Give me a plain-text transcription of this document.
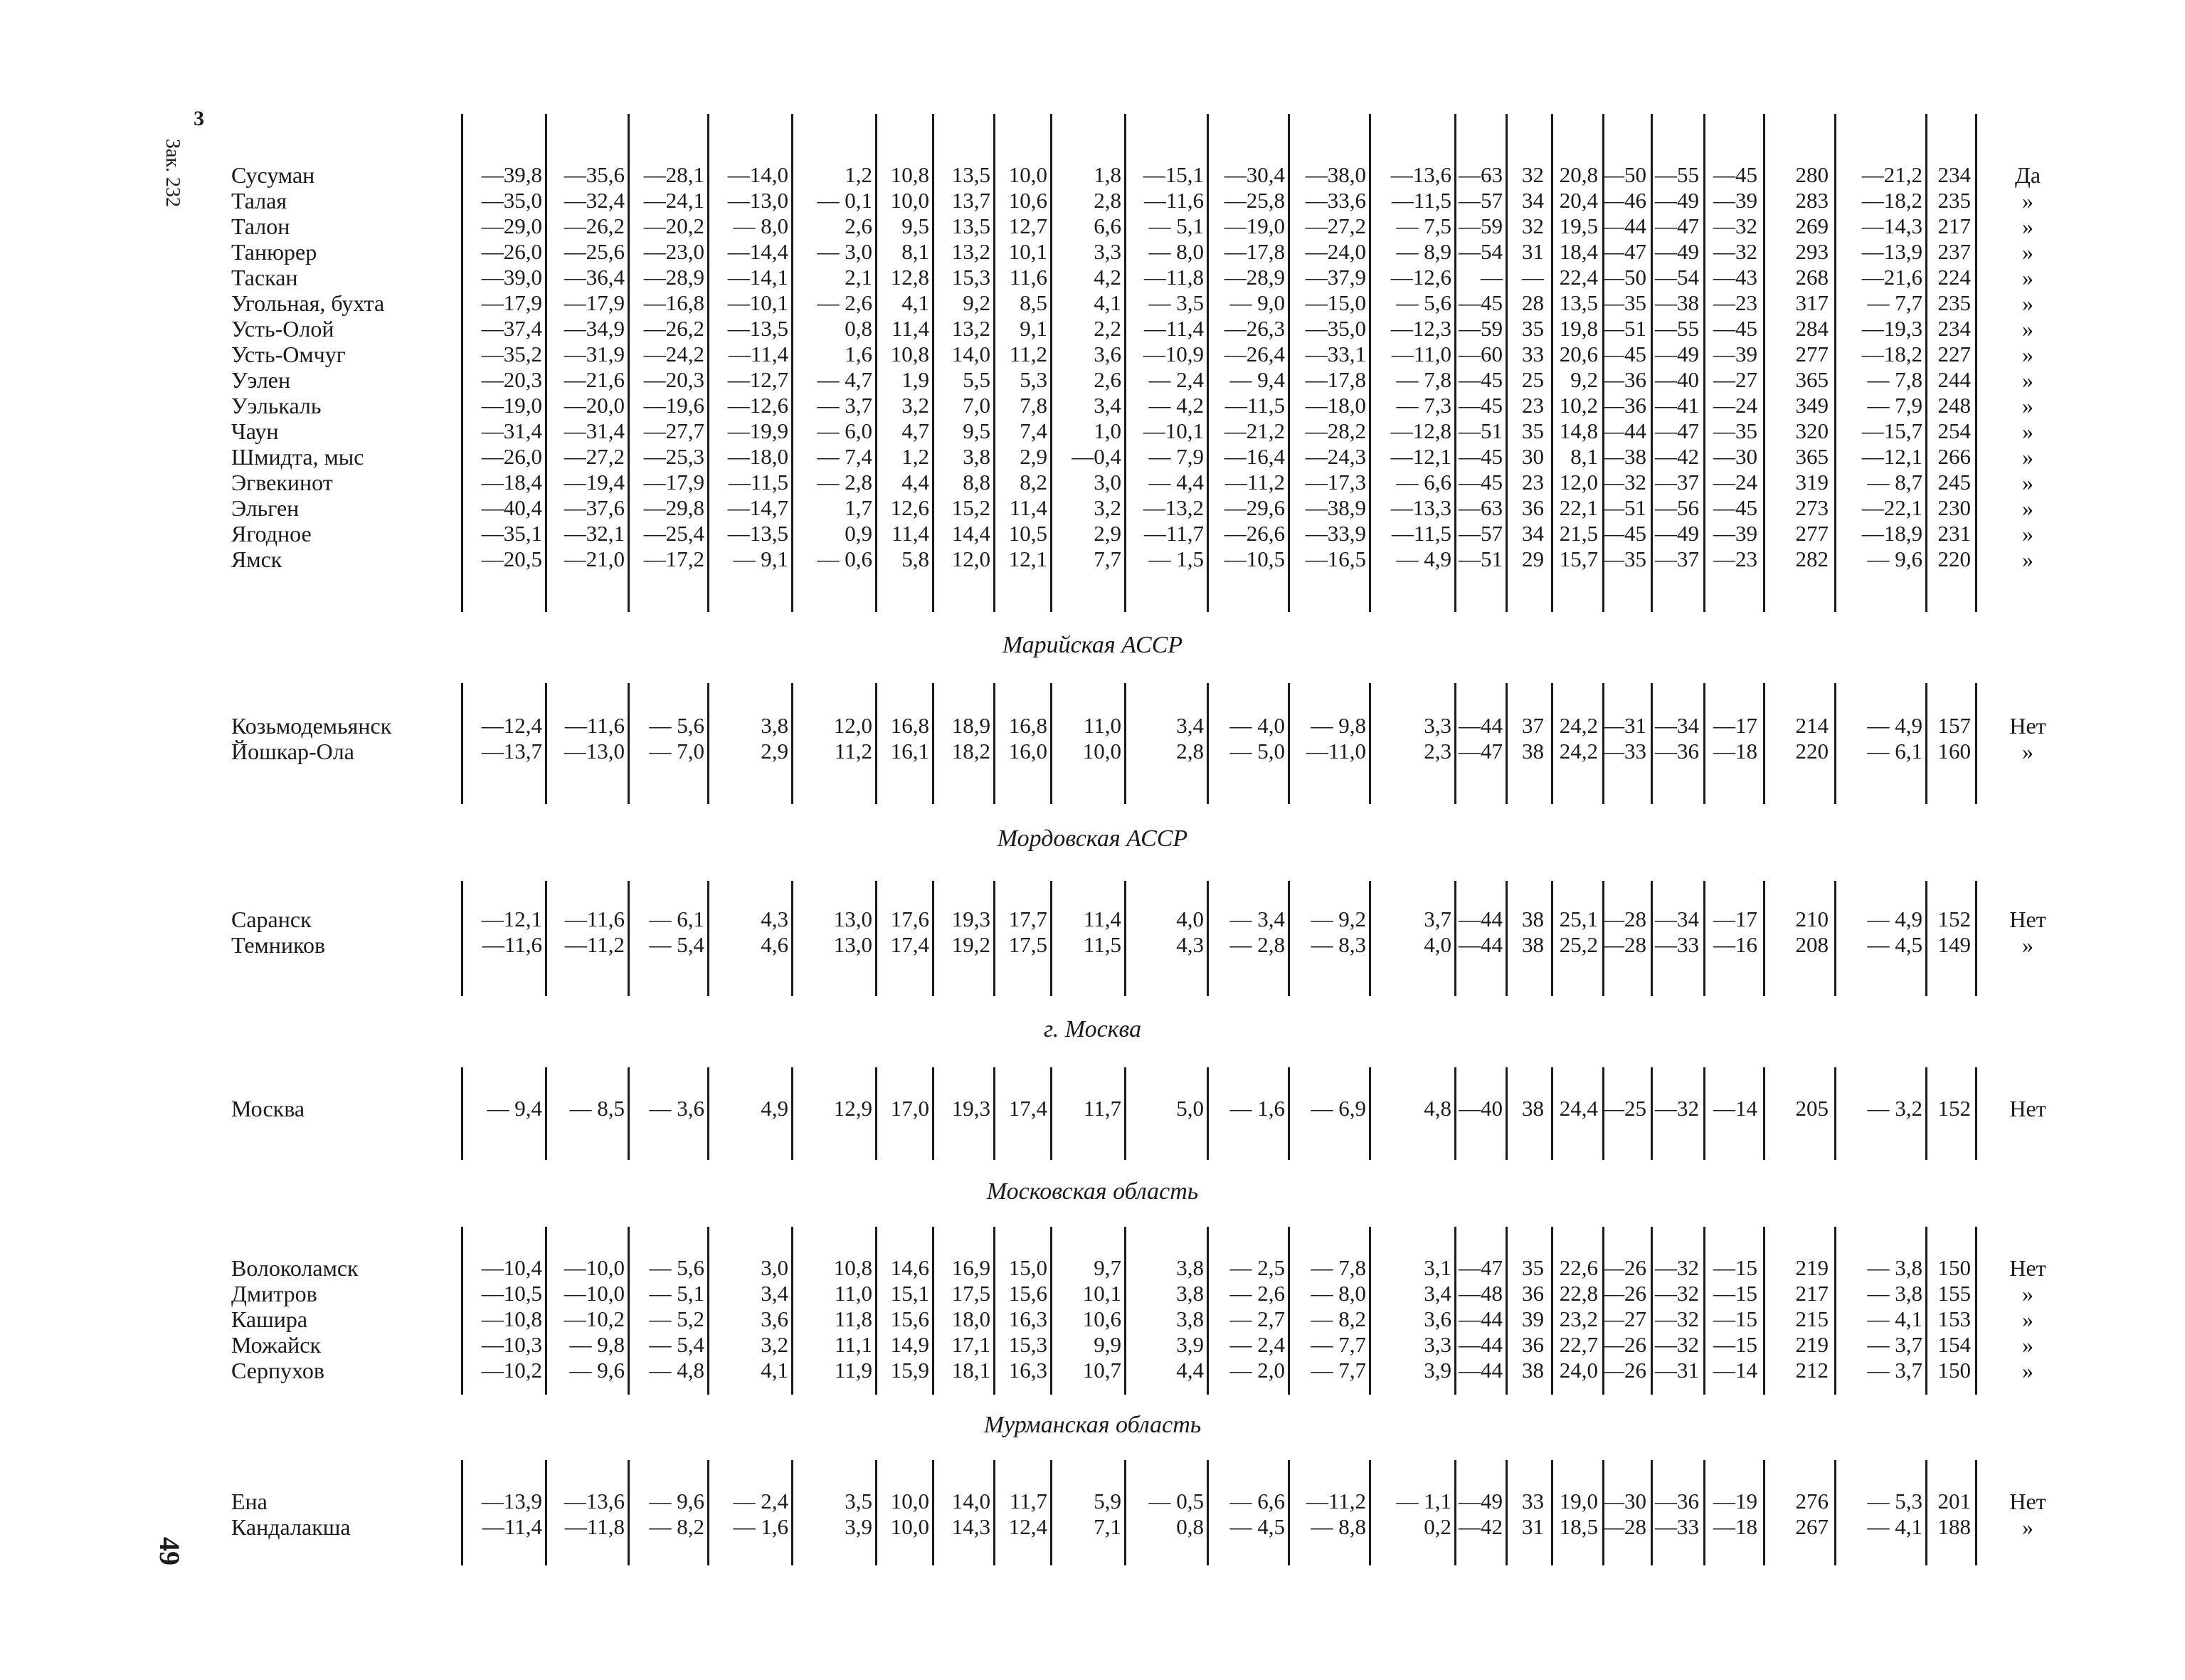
3
Зак. 232
49
Сусуман	—39,8 —35,6 —28,1 —14,0	1,2 10,8 13,5 10,0 1,8 —15,1 —30,4 —38,0 —13,6 —63 32 20,8 —50 —55 —45 280 —21,2 234	Да
Талая	—35,0 —32,4 —24,1 —13,0 — 0,1 10,0 13,7 10,6 2,8 —11,6 —25,8 —33,6 —11,5 —57 34 20,4 —46 —49 —39 283 —18,2 235	»
Талон	—29,0 —26,2 —20,2 — 8,0	2,6 9,5 13,5 12,7 6,6 — 5,1 —19,0 —27,2 — 7,5 —59 32 19,5 —44 —47 —32 269 —14,3 217	»
Танюрер	—26,0 —25,6 —23,0 —14,4 — 3,0 8,1 13,2 10,1 3,3 — 8,0 —17,8 —24,0 — 8,9 —54 31 18,4 —47 —49 —32 293 —13,9 237	»
Таскан	—39,0 —36,4 —28,9 —14,1	2,1 12,8 15,3 11,6 4,2 —11,8 —28,9 —37,9 —12,6 — — 22,4 —50 —54 —43 268 —21,6 224	»
Угольная, бухта	—17,9 —17,9 —16,8 —10,1 — 2,6 4,1 9,2 8,5 4,1 — 3,5 — 9,0 —15,0 — 5,6 —45 28 13,5 —35 —38 —23 317 — 7,7 235	»
Усть-Олой	—37,4 —34,9 —26,2 —13,5	0,8 11,4 13,2 9,1 2,2 —11,4 —26,3 —35,0 —12,3 —59 35 19,8 —51 —55 —45 284 —19,3 234	»
Усть-Омчуг	—35,2 —31,9 —24,2 —11,4	1,6 10,8 14,0 11,2 3,6 —10,9 —26,4 —33,1 —11,0 —60 33 20,6 —45 —49 —39 277 —18,2 227	»
Уэлен	—20,3 —21,6 —20,3 —12,7 — 4,7 1,9 5,5 5,3 2,6 — 2,4 — 9,4 —17,8 — 7,8 —45 25 9,2 —36 —40 —27 365 — 7,8 244	»
Уэлькаль	—19,0 —20,0 —19,6 —12,6 — 3,7 3,2 7,0 7,8 3,4 — 4,2 —11,5 —18,0 — 7,3 —45 23 10,2 —36 —41 —24 349 — 7,9 248	»
Чаун	—31,4 —31,4 —27,7 —19,9 — 6,0 4,7 9,5 7,4 1,0 —10,1 —21,2 —28,2 —12,8 —51 35 14,8 —44 —47 —35 320 —15,7 254	»
Шмидта, мыс	—26,0 —27,2 —25,3 —18,0 — 7,4 1,2 3,8 2,9 —0,4 — 7,9 —16,4 —24,3 —12,1 —45 30 8,1 —38 —42 —30 365 —12,1 266	»
Эгвекинот	—18,4 —19,4 —17,9 —11,5 — 2,8 4,4 8,8 8,2 3,0 — 4,4 —11,2 —17,3 — 6,6 —45 23 12,0 —32 —37 —24 319 — 8,7 245	»
Эльген	—40,4 —37,6 —29,8 —14,7	1,7 12,6 15,2 11,4 3,2 —13,2 —29,6 —38,9 —13,3 —63 36 22,1 —51 —56 —45 273 —22,1 230	»
Ягодное	—35,1 —32,1 —25,4 —13,5	0,9 11,4 14,4 10,5 2,9 —11,7 —26,6 —33,9 —11,5 —57 34 21,5 —45 —49 —39 277 —18,9 231	»
Ямск	—20,5 —21,0 —17,2 — 9,1 — 0,6 5,8 12,0 12,1 7,7 — 1,5 —10,5 —16,5 — 4,9 —51 29 15,7 —35 —37 —23 282 — 9,6 220	»
Марийская АССР
Козьмодемьянск	—12,4 —11,6 — 5,6	3,8 12,0 16,8 18,9 16,8 11,0 3,4 — 4,0 — 9,8	3,3 —44 37 24,2 —31 —34 —17 214 — 4,9 157 Нет
Йошкар-Ола	—13,7 —13,0 — 7,0	2,9 11,2 16,1 18,2 16,0 10,0 2,8 — 5,0 —11,0	2,3 —47 38 24,2 —33 —36 —18 220 — 6,1 160	»
Мордовская АССР
Саранск	—12,1 —11,6 — 6,1	4,3 13,0 17,6 19,3 17,7 11,4 4,0 — 3,4 — 9,2	3,7 —44 38 25,1 —28 —34 —17 210 — 4,9 152 Нет
Темников	—11,6 —11,2 — 5,4	4,6 13,0 17,4 19,2 17,5 11,5 4,3 — 2,8 — 8,3	4,0 —44 38 25,2 —28 —33 —16 208 — 4,5 149	»
г. Москва
Москва	— 9,4 — 8,5 — 3,6	4,9 12,9 17,0 19,3 17,4 11,7 5,0 — 1,6 — 6,9	4,8 —40 38 24,4 —25 —32 —14 205 — 3,2 152 Нет
Московская область
Волоколамск	—10,4 —10,0 — 5,6	3,0 10,8 14,6 16,9 15,0 9,7 3,8 — 2,5 — 7,8	3,1 —47 35 22,6 —26 —32 —15 219 — 3,8 150 Нет
Дмитров	—10,5 —10,0 — 5,1	3,4 11,0 15,1 17,5 15,6 10,1 3,8 — 2,6 — 8,0	3,4 —48 36 22,8 —26 —32 —15 217 — 3,8 155	»
Кашира	—10,8 —10,2 — 5,2	3,6 11,8 15,6 18,0 16,3 10,6 3,8 — 2,7 — 8,2	3,6 —44 39 23,2 —27 —32 —15 215 — 4,1 153	»
Можайск	—10,3 — 9,8 — 5,4	3,2 11,1 14,9 17,1 15,3 9,9 3,9 — 2,4 — 7,7	3,3 —44 36 22,7 —26 —32 —15 219 — 3,7 154	»
Серпухов	—10,2 — 9,6 — 4,8	4,1 11,9 15,9 18,1 16,3 10,7 4,4 — 2,0 — 7,7	3,9 —44 38 24,0 —26 —31 —14 212 — 3,7 150	»
Мурманская область
Ена	—13,9 —13,6 — 9,6 — 2,4	3,5 10,0 14,0 11,7 5,9 — 0,5 — 6,6 —11,2 — 1,1 —49 33 19,0 —30 —36 —19 276 — 5,3 201 Нет
Кандалакша	—11,4 —11,8 — 8,2 — 1,6	3,9 10,0 14,3 12,4 7,1 0,8 — 4,5 — 8,8	0,2 —42 31 18,5 —28 —33 —18 267 — 4,1 188	»
